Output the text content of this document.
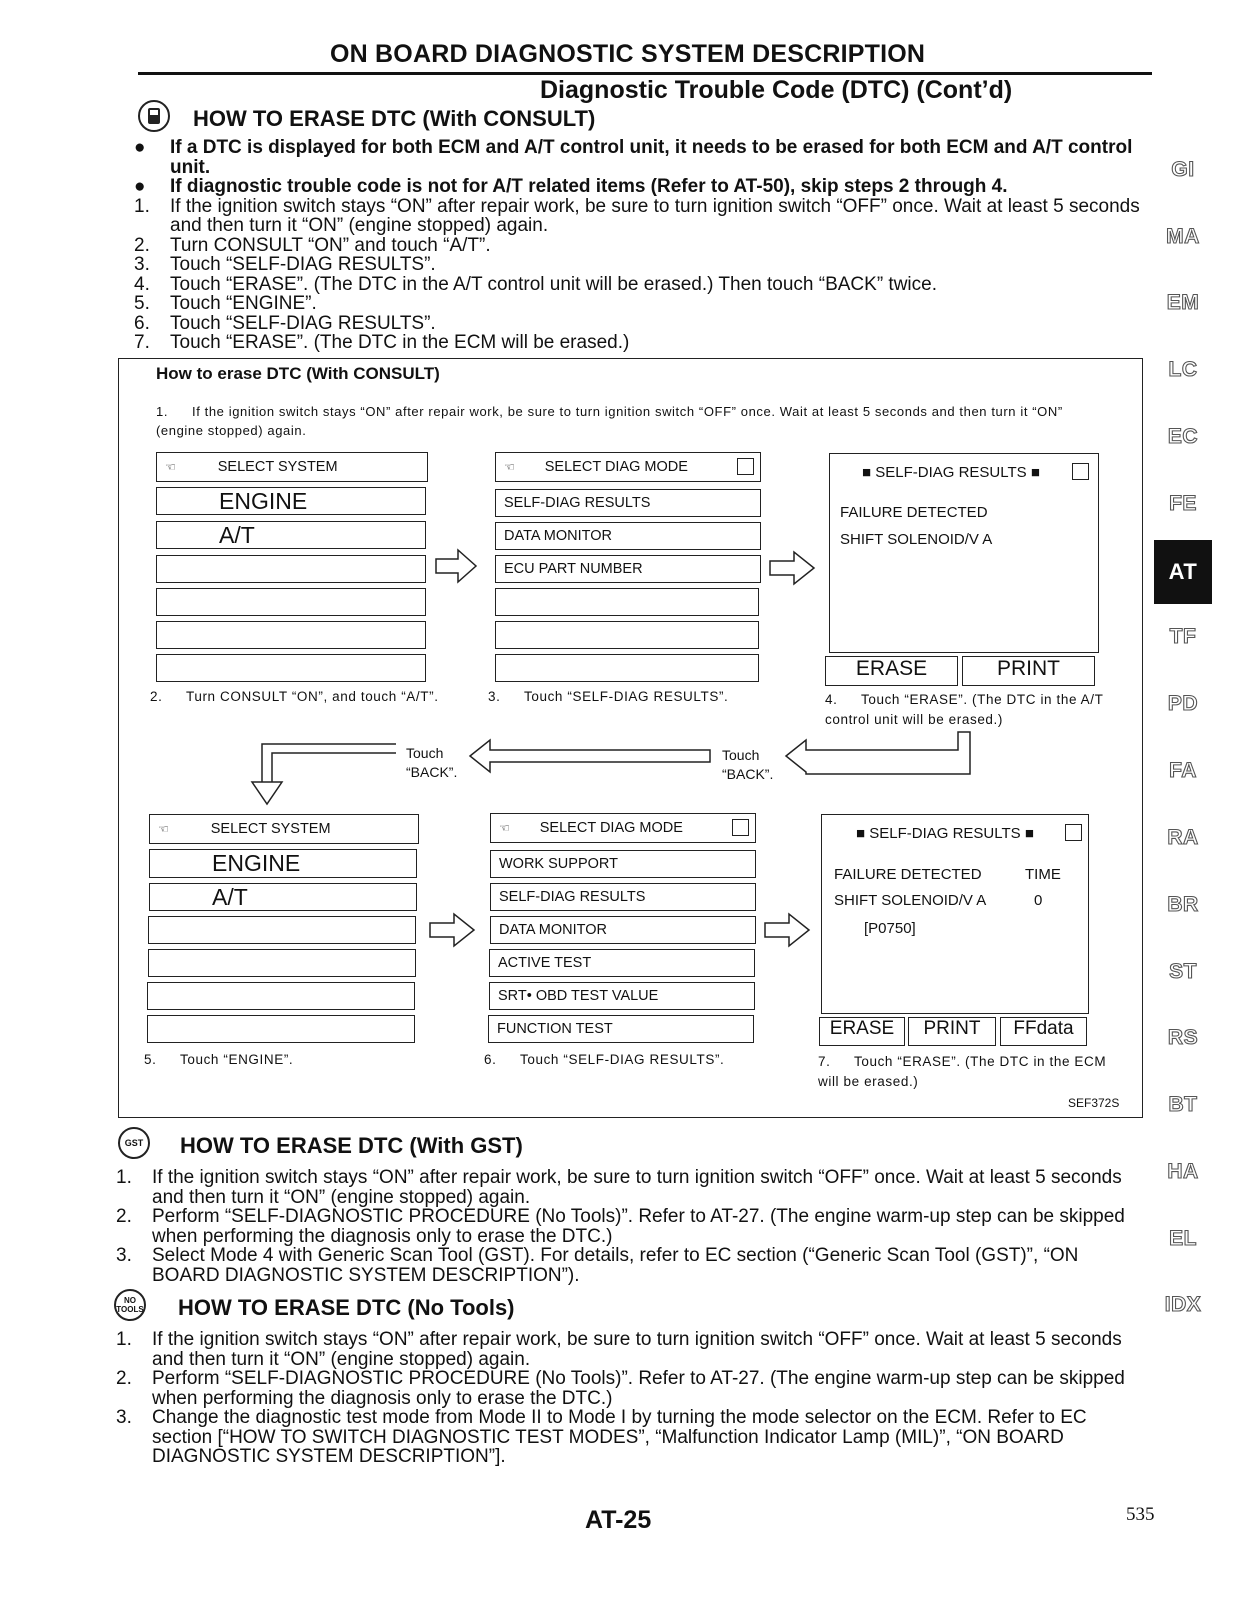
ON BOARD DIAGNOSTIC SYSTEM DESCRIPTION
Diagnostic Trouble Code (DTC) (Cont’d)
HOW TO ERASE DTC (With CONSULT)
● If a DTC is displayed for both ECM and A/T control unit, it needs to be erased for both ECM and A/T control unit.
● If diagnostic trouble code is not for A/T related items (Refer to AT-50), skip steps 2 through 4.
1. If the ignition switch stays “ON” after repair work, be sure to turn ignition switch “OFF” once. Wait at least 5 seconds and then turn it “ON” (engine stopped) again.
2. Turn CONSULT “ON” and touch “A/T”.
3. Touch “SELF-DIAG RESULTS”.
4. Touch “ERASE”. (The DTC in the A/T control unit will be erased.) Then touch “BACK” twice.
5. Touch “ENGINE”.
6. Touch “SELF-DIAG RESULTS”.
7. Touch “ERASE”. (The DTC in the ECM will be erased.)
How to erase DTC (With CONSULT)
1. If the ignition switch stays “ON” after repair work, be sure to turn ignition switch “OFF” once. Wait at least 5 seconds and then turn it “ON” (engine stopped) again.
☜	SELECT SYSTEM
ENGINE
A/T
☜ SELECT DIAG MODE
SELF-DIAG RESULTS
DATA MONITOR
ECU PART NUMBER
■ SELF-DIAG RESULTS ■
FAILURE DETECTED
SHIFT SOLENOID/V A
ERASE	PRINT
2. Turn CONSULT “ON”, and touch “A/T”.	3. Touch “SELF-DIAG RESULTS”.	4. Touch “ERASE”. (The DTC in the A/T control unit will be erased.)
Touch
“BACK”.
Touch
“BACK”.
☜	SELECT SYSTEM
ENGINE
A/T
☜ SELECT DIAG MODE
WORK SUPPORT
SELF-DIAG RESULTS
DATA MONITOR
ACTIVE TEST
SRT• OBD TEST VALUE
FUNCTION TEST
■ SELF-DIAG RESULTS ■
FAILURE DETECTED	TIME
SHIFT SOLENOID/V A	0
[P0750]
ERASE	PRINT	FFdata
5. Touch “ENGINE”.	6. Touch “SELF-DIAG RESULTS”.	7. Touch “ERASE”. (The DTC in the ECM will be erased.)
SEF372S
GST HOW TO ERASE DTC (With GST)
1. If the ignition switch stays “ON” after repair work, be sure to turn ignition switch “OFF” once. Wait at least 5 seconds and then turn it “ON” (engine stopped) again.
2. Perform “SELF-DIAGNOSTIC PROCEDURE (No Tools)”. Refer to AT-27. (The engine warm-up step can be skipped when performing the diagnosis only to erase the DTC.)
3. Select Mode 4 with Generic Scan Tool (GST). For details, refer to EC section (“Generic Scan Tool (GST)”, “ON BOARD DIAGNOSTIC SYSTEM DESCRIPTION”).
NO
TOOLS HOW TO ERASE DTC (No Tools)
1. If the ignition switch stays “ON” after repair work, be sure to turn ignition switch “OFF” once. Wait at least 5 seconds and then turn it “ON” (engine stopped) again.
2. Perform “SELF-DIAGNOSTIC PROCEDURE (No Tools)”. Refer to AT-27. (The engine warm-up step can be skipped when performing the diagnosis only to erase the DTC.)
3. Change the diagnostic test mode from Mode II to Mode I by turning the mode selector on the ECM. Refer to EC section [“HOW TO SWITCH DIAGNOSTIC TEST MODES”, “Malfunction Indicator Lamp (MIL)”, “ON BOARD DIAGNOSTIC SYSTEM DESCRIPTION”].
GI
MA
EM
LC
EC
FE
AT
TF
PD
FA
RA
BR
ST
RS
BT
HA
EL
IDX
AT-25	535
